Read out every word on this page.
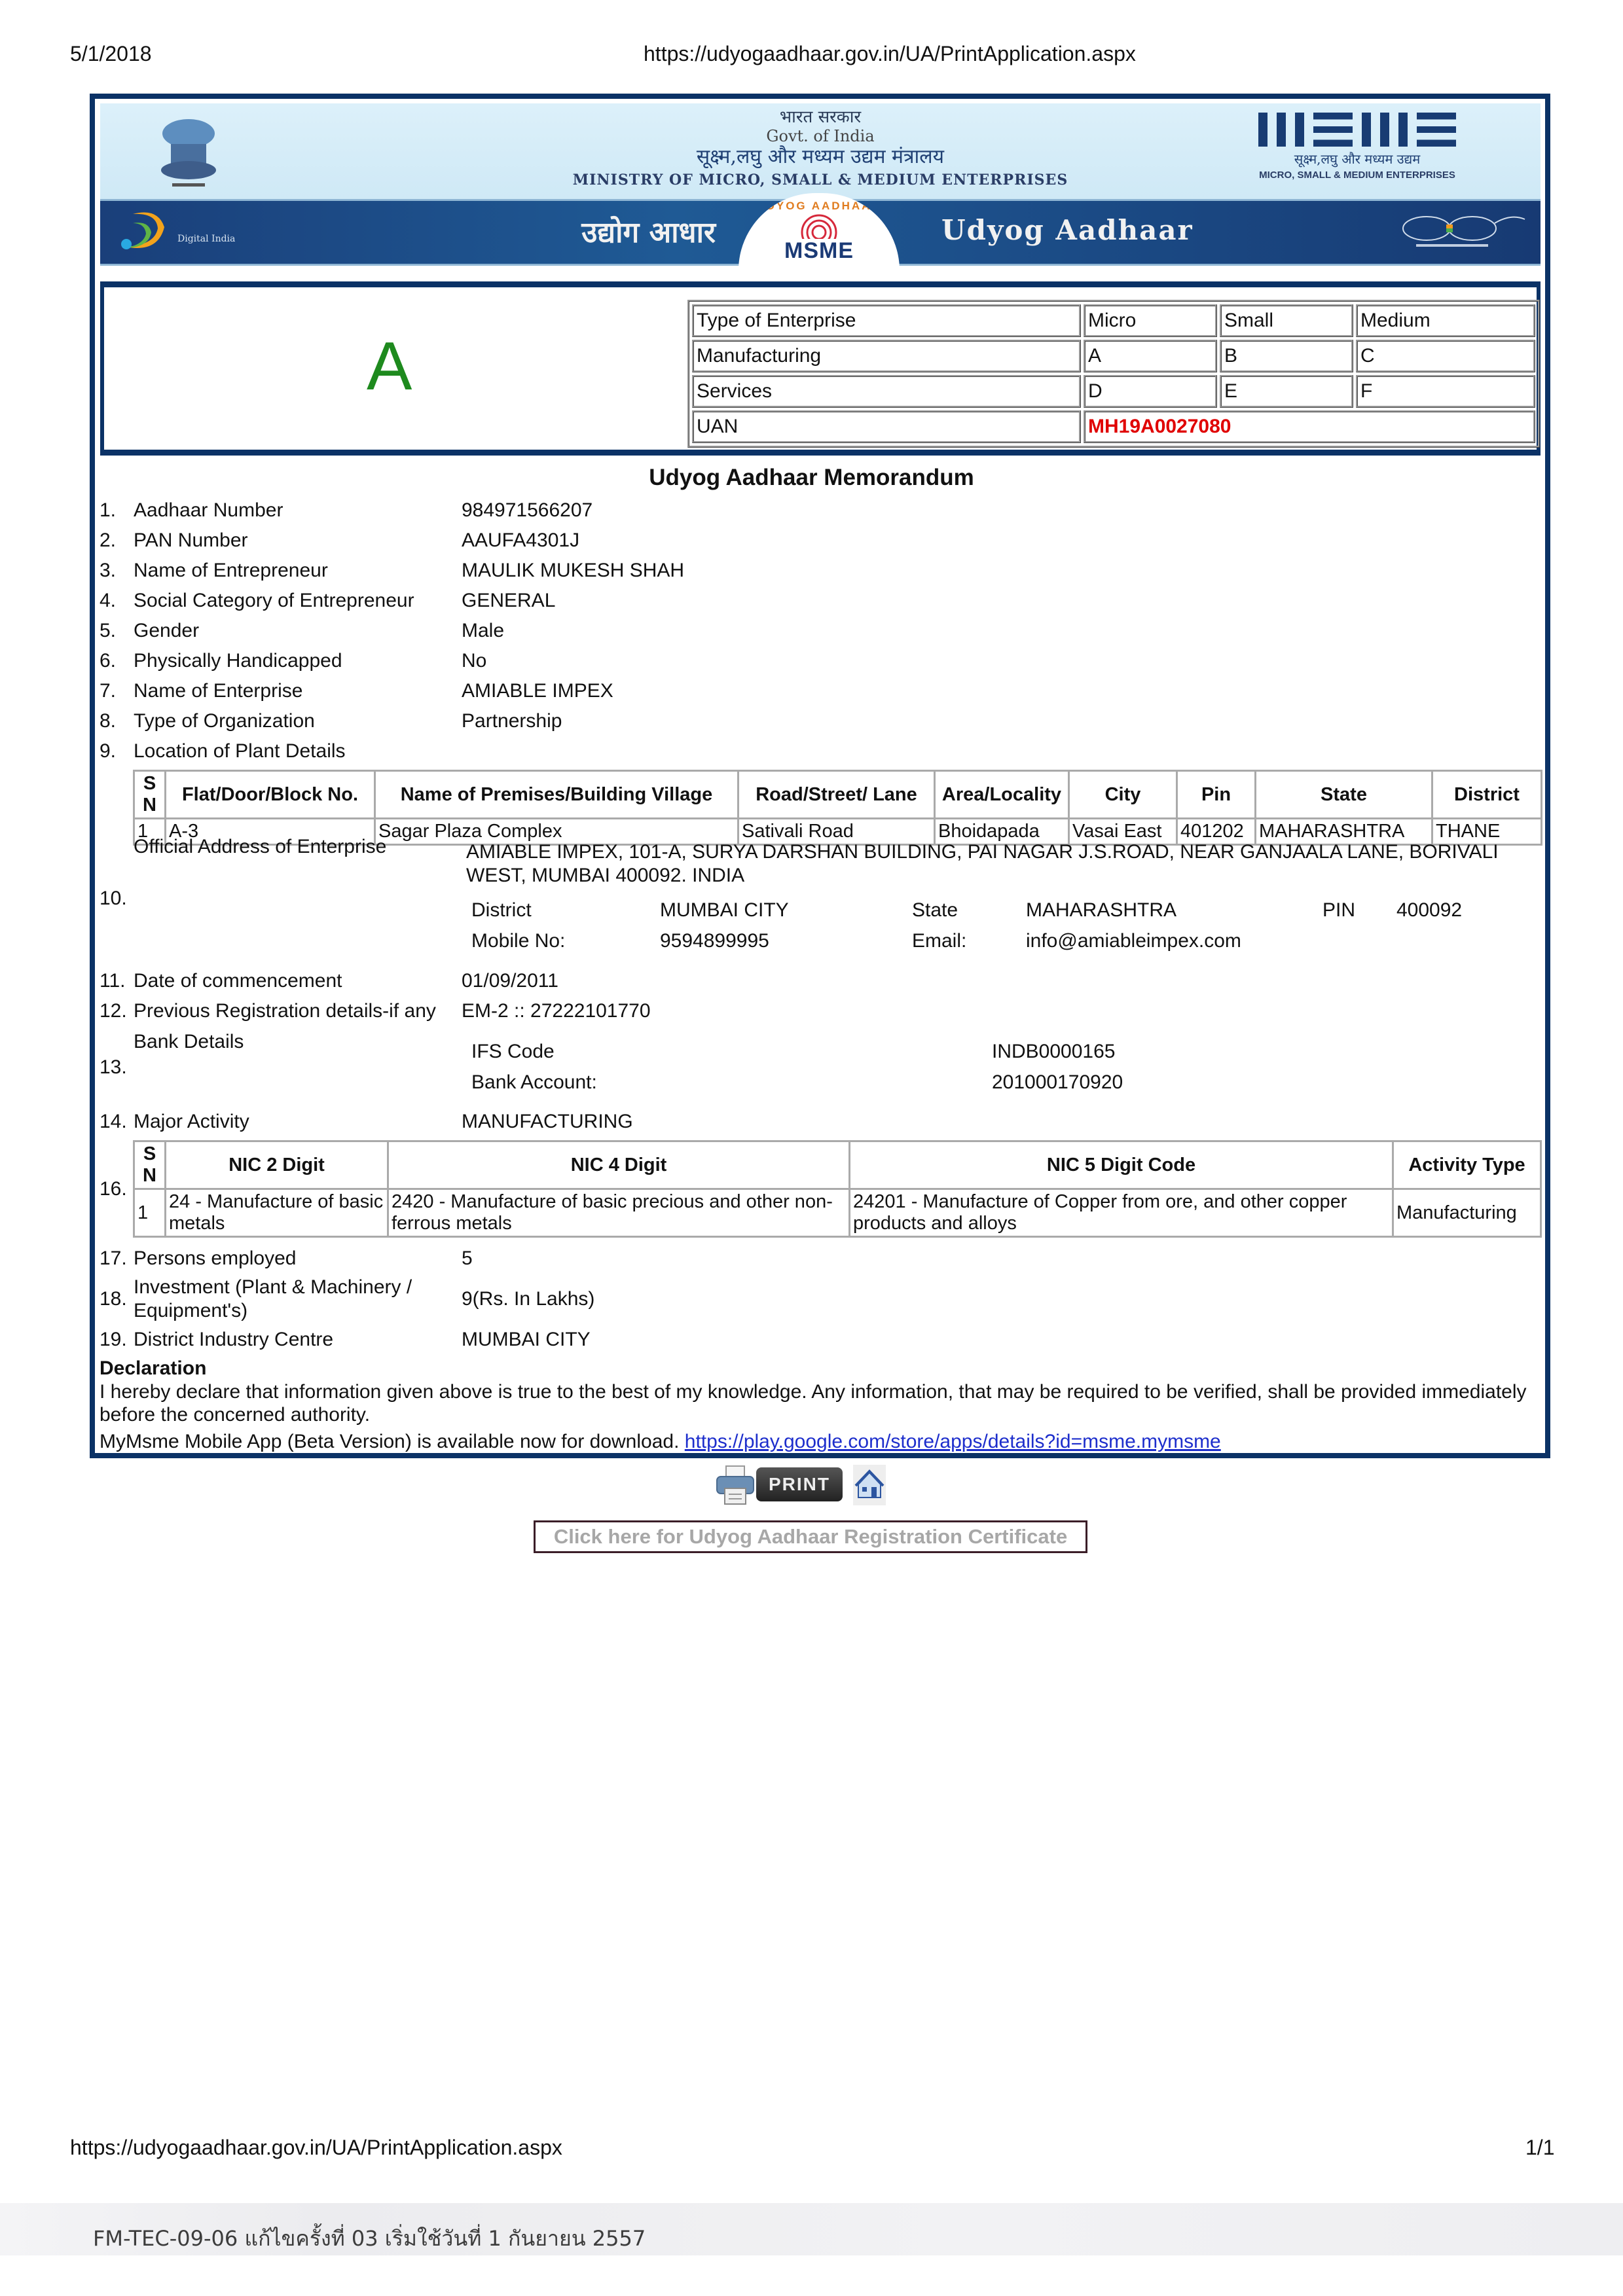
5/1/2018	https://udyogaadhaar.gov.in/UA/PrintApplication.aspx
भारत सरकार
Govt. of India
सूक्ष्म,लघु और मध्यम उद्यम मंत्रालय
MINISTRY OF MICRO, SMALL & MEDIUM ENTERPRISES
सूक्ष्म,लघु और मध्यम उद्यम
MICRO, SMALL & MEDIUM ENTERPRISES
Digital India	उद्योग आधार
UDYOG AADHAAR
MSME
Udyog Aadhaar
A
Type of Enterprise	Micro	Small	Medium
Manufacturing	A	B	C
Services	D	E	F
UAN	MH19A0027080		
Udyog Aadhaar Memorandum
1. Aadhaar Number	984971566207
2. PAN Number	AAUFA4301J
3. Name of Entrepreneur	MAULIK MUKESH SHAH
4. Social Category of Entrepreneur GENERAL
5. Gender	Male
6. Physically Handicapped	No
7. Name of Enterprise	AMIABLE IMPEX
8. Type of Organization	Partnership
9. Location of Plant Details
SN	Flat/Door/Block No.	Name of Premises/Building Village	Road/Street/ Lane	Area/Locality	City	Pin	State	District
1	A-3	Sagar Plaza Complex	Sativali Road	Bhoidapada	Vasai East	401202	MAHARASHTRA	THANE
Official Address of Enterprise
10.
AMIABLE IMPEX, 101-A, SURYA DARSHAN BUILDING, PAI NAGAR J.S.ROAD, NEAR GANJAALA LANE, BORIVALI
WEST, MUMBAI 400092. INDIA
District	MUMBAI CITY	State	MAHARASHTRA	PIN 400092
Mobile No:	9594899995	Email:	info@amiableimpex.com
11. Date of commencement	01/09/2011
12. Previous Registration details-if any EM-2 :: 27222101770
Bank Details
13.
IFS Code	INDB0000165
Bank Account:	201000170920
14. Major Activity	MANUFACTURING
16.
SN	NIC 2 Digit	NIC 4 Digit	NIC 5 Digit Code	Activity Type
1	24 - Manufacture of basic metals	2420 - Manufacture of basic precious and other non-ferrous metals	24201 - Manufacture of Copper from ore, and other copper products and alloys	Manufacturing
17. Persons employed	5
18.
Investment (Plant & Machinery / Equipment's)
9(Rs. In Lakhs)
19. District Industry Centre	MUMBAI CITY
Declaration
I hereby declare that information given above is true to the best of my knowledge. Any information, that may be required to be verified, shall be provided immediately before the concerned authority.
MyMsme Mobile App (Beta Version) is available now for download. https://play.google.com/store/apps/details?id=msme.mymsme
PRINT
Click here for Udyog Aadhaar Registration Certificate
https://udyogaadhaar.gov.in/UA/PrintApplication.aspx	1/1
FM-TEC-09-06 แก้ไขครั้งที่ 03 เริ่มใช้วันที่ 1 กันยายน 2557
